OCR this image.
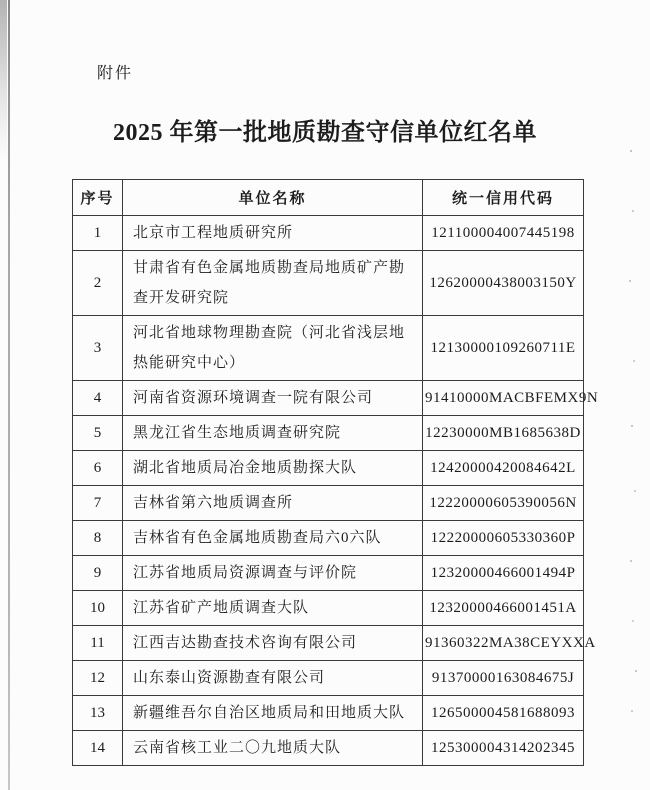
附件
2025 年第一批地质勘查守信单位红名单
序号	单位名称	统一信用代码
1	北京市工程地质研究所	121100004007445198
2	甘肃省有色金属地质勘查局地质矿产勘查开发研究院	12620000438003150Y
3	河北省地球物理勘查院（河北省浅层地热能研究中心）	12130000109260711E
4	河南省资源环境调查一院有限公司	91410000MACBFEMX9N
5	黑龙江省生态地质调查研究院	12230000MB1685638D
6	湖北省地质局冶金地质勘探大队	12420000420084642L
7	吉林省第六地质调查所	12220000605390056N
8	吉林省有色金属地质勘查局六0六队	12220000605330360P
9	江苏省地质局资源调查与评价院	12320000466001494P
10	江苏省矿产地质调查大队	12320000466001451A
11	江西吉达勘查技术咨询有限公司	91360322MA38CEYXXA
12	山东泰山资源勘查有限公司	91370000163084675J
13	新疆维吾尔自治区地质局和田地质大队	126500004581688093
14	云南省核工业二〇九地质大队	125300004314202345
